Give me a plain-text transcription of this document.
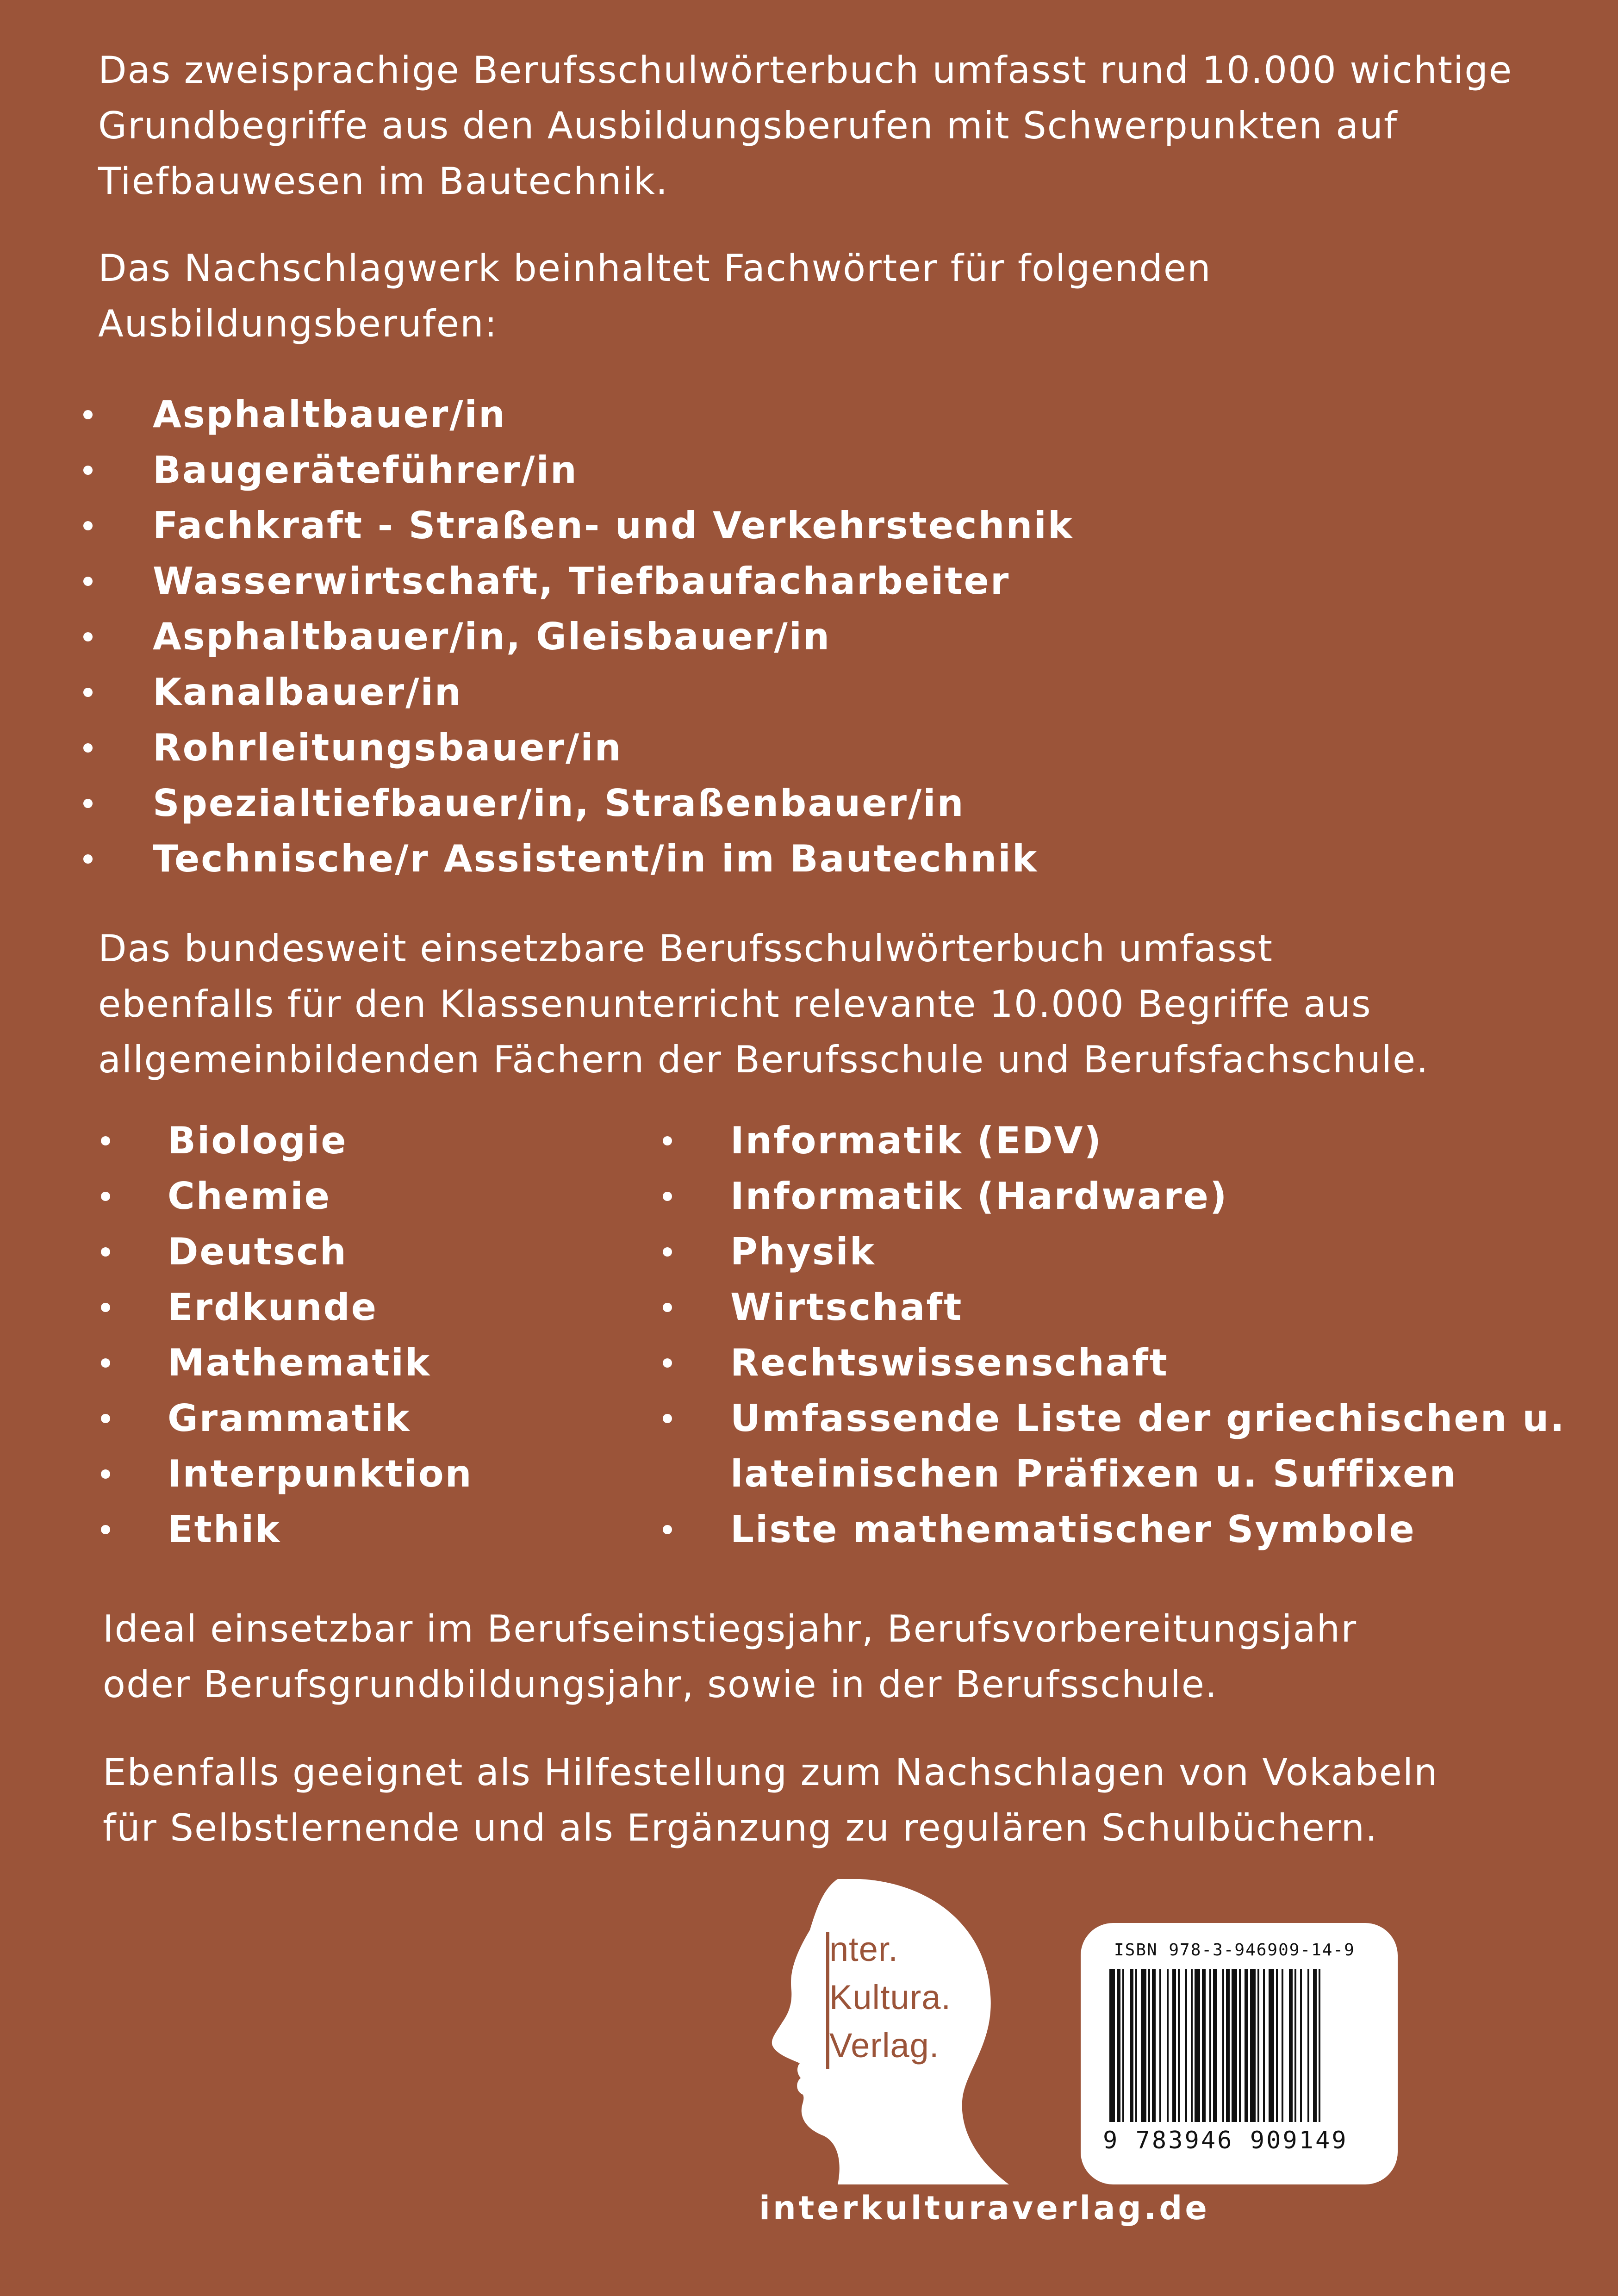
Das zweisprachige Berufsschulwörterbuch umfasst rund 10.000 wichtige
Grundbegriffe aus den Ausbildungsberufen mit Schwerpunkten auf
Tiefbauwesen im Bautechnik.
Das Nachschlagwerk beinhaltet Fachwörter für folgenden
Ausbildungsberufen:
Asphaltbauer/in
Baugeräteführer/in
Fachkraft - Straßen- und Verkehrstechnik
Wasserwirtschaft, Tiefbaufacharbeiter
Asphaltbauer/in, Gleisbauer/in
Kanalbauer/in
Rohrleitungsbauer/in
Spezialtiefbauer/in, Straßenbauer/in
Technische/r Assistent/in im Bautechnik
Das bundesweit einsetzbare Berufsschulwörterbuch umfasst
ebenfalls für den Klassenunterricht relevante 10.000 Begriffe aus
allgemeinbildenden Fächern der Berufsschule und Berufsfachschule.
Biologie
Chemie
Deutsch
Erdkunde
Mathematik
Grammatik
Interpunktion
Ethik
Informatik (EDV)
Informatik (Hardware)
Physik
Wirtschaft
Rechtswissenschaft
Umfassende Liste der griechischen u.
lateinischen Präfixen u. Suffixen
Liste mathematischer Symbole
Ideal einsetzbar im Berufseinstiegsjahr, Berufsvorbereitungsjahr
oder Berufsgrundbildungsjahr, sowie in der Berufsschule.
Ebenfalls geeignet als Hilfestellung zum Nachschlagen von Vokabeln
für Selbstlernende und als Ergänzung zu regulären Schulbüchern.
nter.
Kultura.
Verlag.
ISBN 978-3-946909-14-9
9 783946 909149
interkulturaverlag.de
